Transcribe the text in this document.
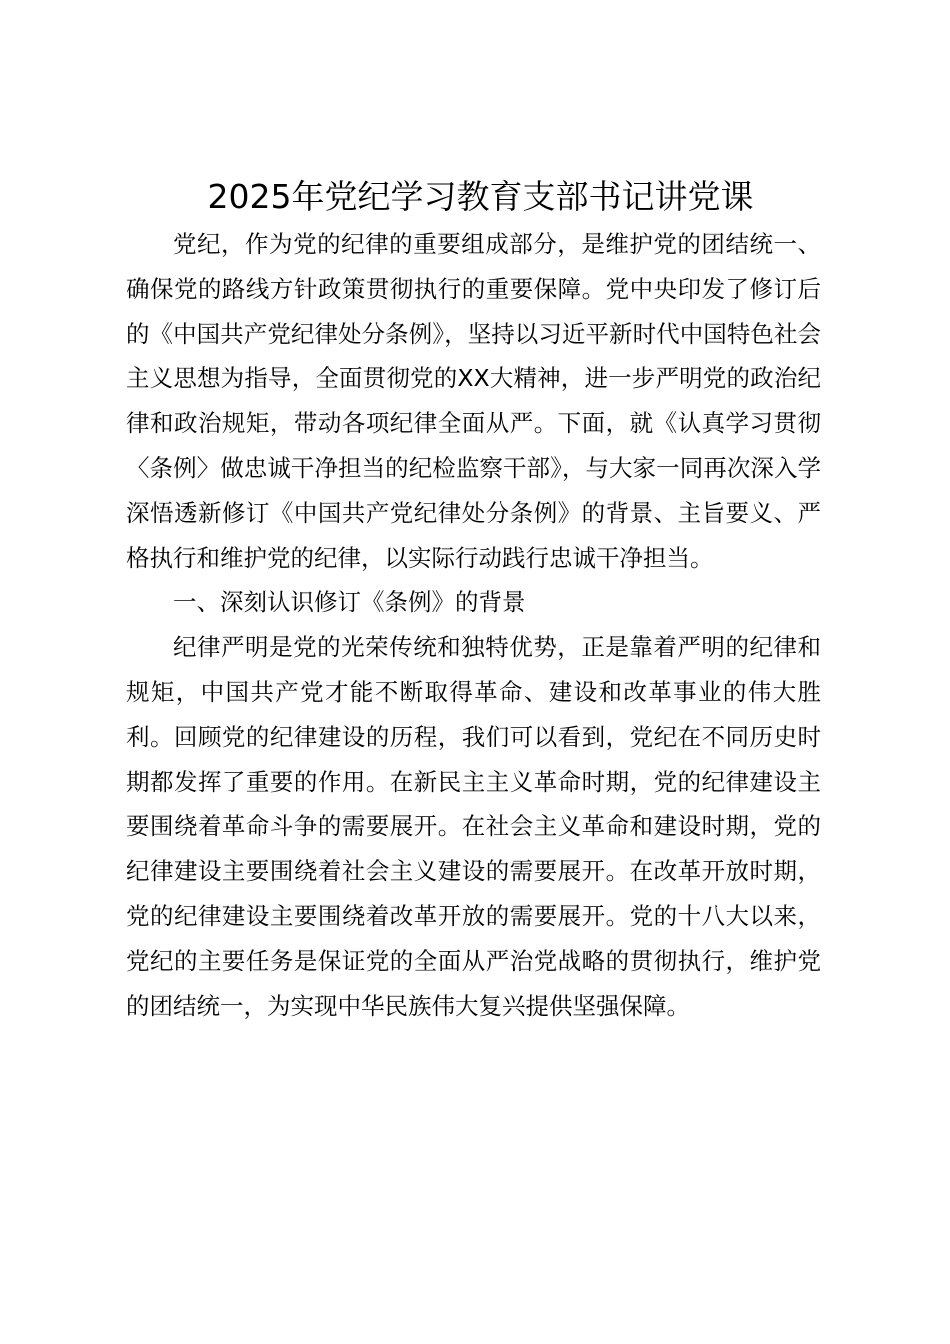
2025年党纪学习教育支部书记讲党课

党纪，作为党的纪律的重要组成部分，是维护党的团结统一、确保党的路线方针政策贯彻执行的重要保障。党中央印发了修订后的《中国共产党纪律处分条例》，坚持以习近平新时代中国特色社会主义思想为指导，全面贯彻党的XX大精神，进一步严明党的政治纪律和政治规矩，带动各项纪律全面从严。下面，就《认真学习贯彻〈条例〉做忠诚干净担当的纪检监察干部》，与大家一同再次深入学深悟透新修订《中国共产党纪律处分条例》的背景、主旨要义、严格执行和维护党的纪律，以实际行动践行忠诚干净担当。

一、深刻认识修订《条例》的背景

纪律严明是党的光荣传统和独特优势，正是靠着严明的纪律和规矩，中国共产党才能不断取得革命、建设和改革事业的伟大胜利。回顾党的纪律建设的历程，我们可以看到，党纪在不同历史时期都发挥了重要的作用。在新民主主义革命时期，党的纪律建设主要围绕着革命斗争的需要展开。在社会主义革命和建设时期，党的纪律建设主要围绕着社会主义建设的需要展开。在改革开放时期，党的纪律建设主要围绕着改革开放的需要展开。党的十八大以来，党纪的主要任务是保证党的全面从严治党战略的贯彻执行，维护党的团结统一，为实现中华民族伟大复兴提供坚强保障。
